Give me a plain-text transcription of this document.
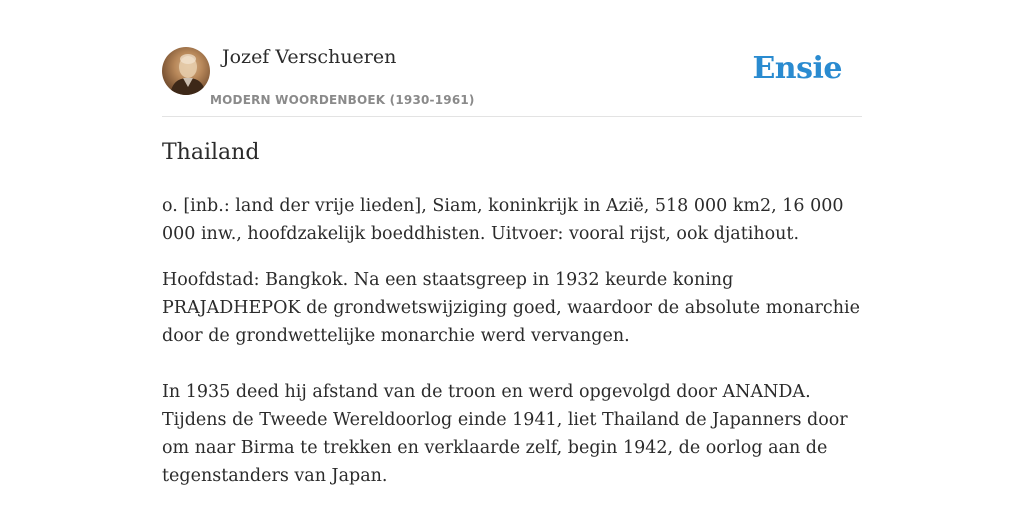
Jozef Verschueren
MODERN WOORDENBOEK (1930-1961)
Ensie
Thailand

o. [inb.: land der vrije lieden], Siam, koninkrijk in Azië, 518 000 km2, 16 000 000 inw., hoofdzakelijk boeddhisten. Uitvoer: vooral rijst, ook djatihout.

Hoofdstad: Bangkok. Na een staatsgreep in 1932 keurde koning PRAJADHEPOK de grondwetswijziging goed, waardoor de absolute monarchie door de grondwettelijke monarchie werd vervangen.

In 1935 deed hij afstand van de troon en werd opgevolgd door ANANDA. Tijdens de Tweede Wereldoorlog einde 1941, liet Thailand de Japanners door om naar Birma te trekken en verklaarde zelf, begin 1942, de oorlog aan de tegenstanders van Japan.
